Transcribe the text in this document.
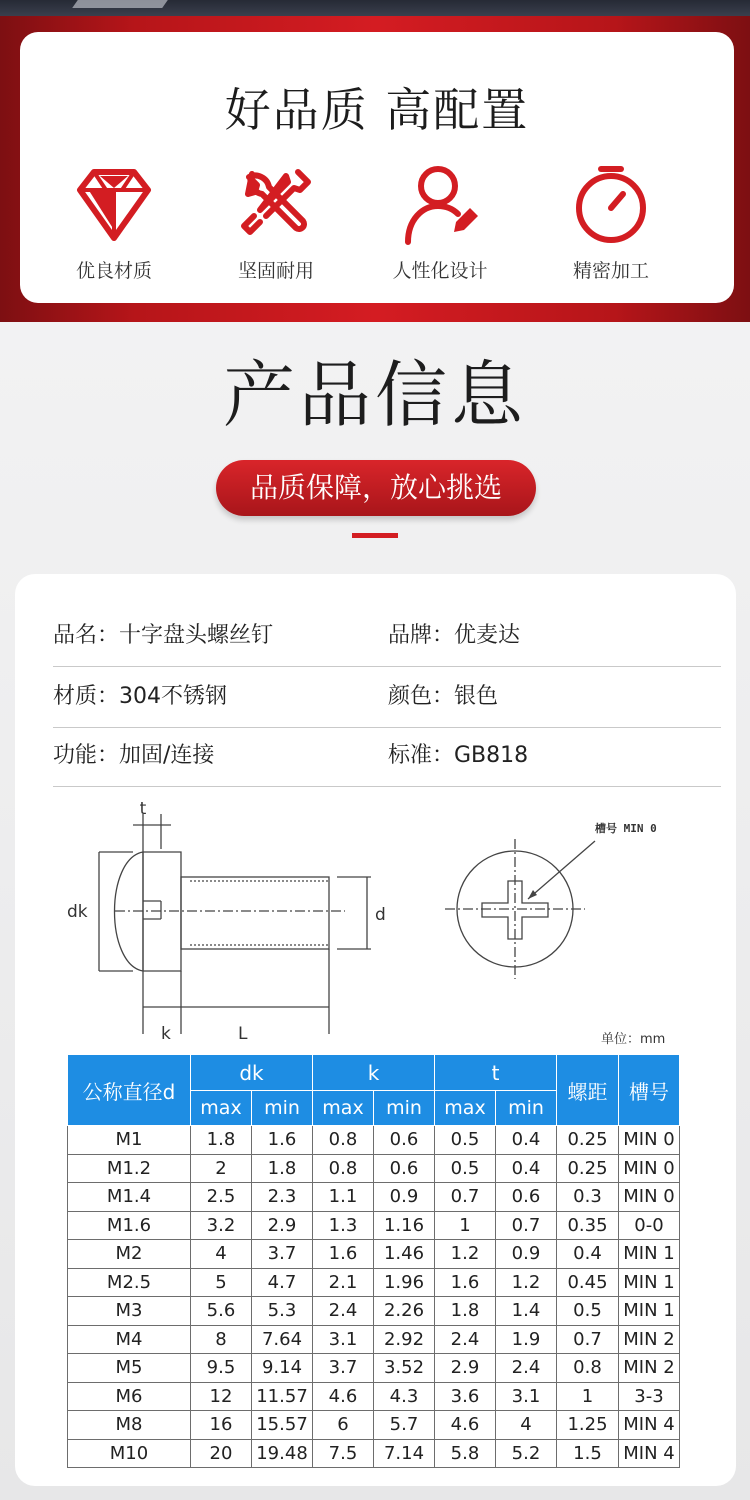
好品质 高配置
优良材质	坚固耐用	人性化设计	精密加工
产品信息
品质保障，放心挑选
品名：十字盘头螺丝钉	品牌：优麦达
材质：304不锈钢	颜色：银色
功能：加固/连接	标准：GB818
t
dk	d
k	L
槽号 MIN 0
单位：mm
公称直径d	dk		k		t		螺距	槽号
	max	min	max	min	max	min		
M1	1.8	1.6	0.8	0.6	0.5	0.4	0.25	MIN 0
M1.2	2	1.8	0.8	0.6	0.5	0.4	0.25	MIN 0
M1.4	2.5	2.3	1.1	0.9	0.7	0.6	0.3	MIN 0
M1.6	3.2	2.9	1.3	1.16	1	0.7	0.35	0-0
M2	4	3.7	1.6	1.46	1.2	0.9	0.4	MIN 1
M2.5	5	4.7	2.1	1.96	1.6	1.2	0.45	MIN 1
M3	5.6	5.3	2.4	2.26	1.8	1.4	0.5	MIN 1
M4	8	7.64	3.1	2.92	2.4	1.9	0.7	MIN 2
M5	9.5	9.14	3.7	3.52	2.9	2.4	0.8	MIN 2
M6	12	11.57	4.6	4.3	3.6	3.1	1	3-3
M8	16	15.57	6	5.7	4.6	4	1.25	MIN 4
M10	20	19.48	7.5	7.14	5.8	5.2	1.5	MIN 4
